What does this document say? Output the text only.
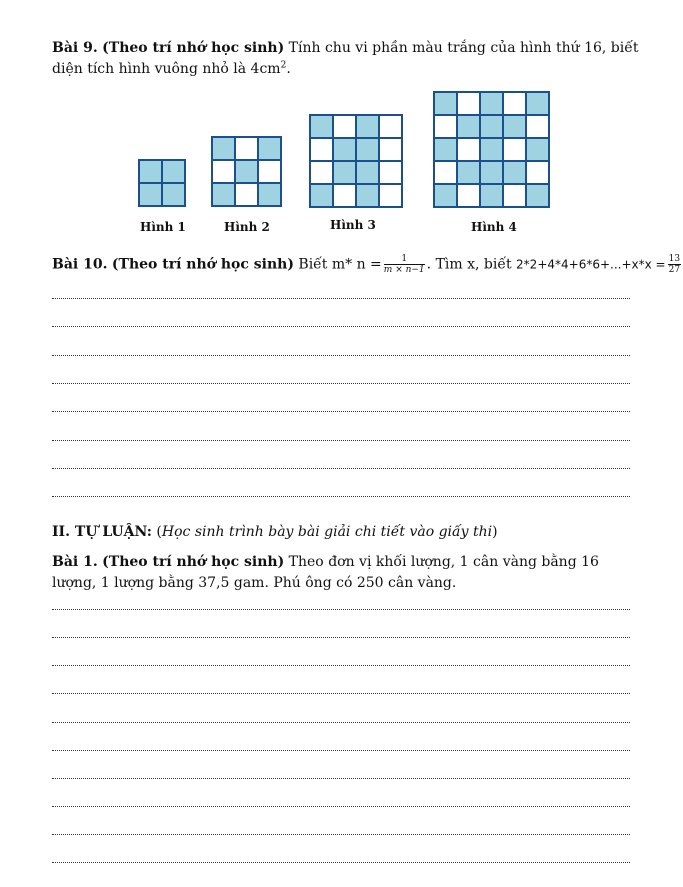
Bài 9. (Theo trí nhớ học sinh) Tính chu vi phần màu trắng của hình thứ 16, biết diện tích hình vuông nhỏ là $4cm^2$.

Hình 1	Hình 2	Hình 3	Hình 4
Bài 10. (Theo trí nhớ học sinh) Biết m* $n = \frac{1}{m \times n-1}$ . Tìm x, biết $2*2+4*4+6*6+...+x*x = \frac{13}{27}$
II. TỰ LUẬN: (Học sinh trình bày bài giải chi tiết vào giấy thi)

Bài 1. (Theo trí nhớ học sinh) Theo đơn vị khối lượng, 1 cân vàng bằng 16 lượng, 1 lượng bằng 37,5 gam. Phú ông có 250 cân vàng.
